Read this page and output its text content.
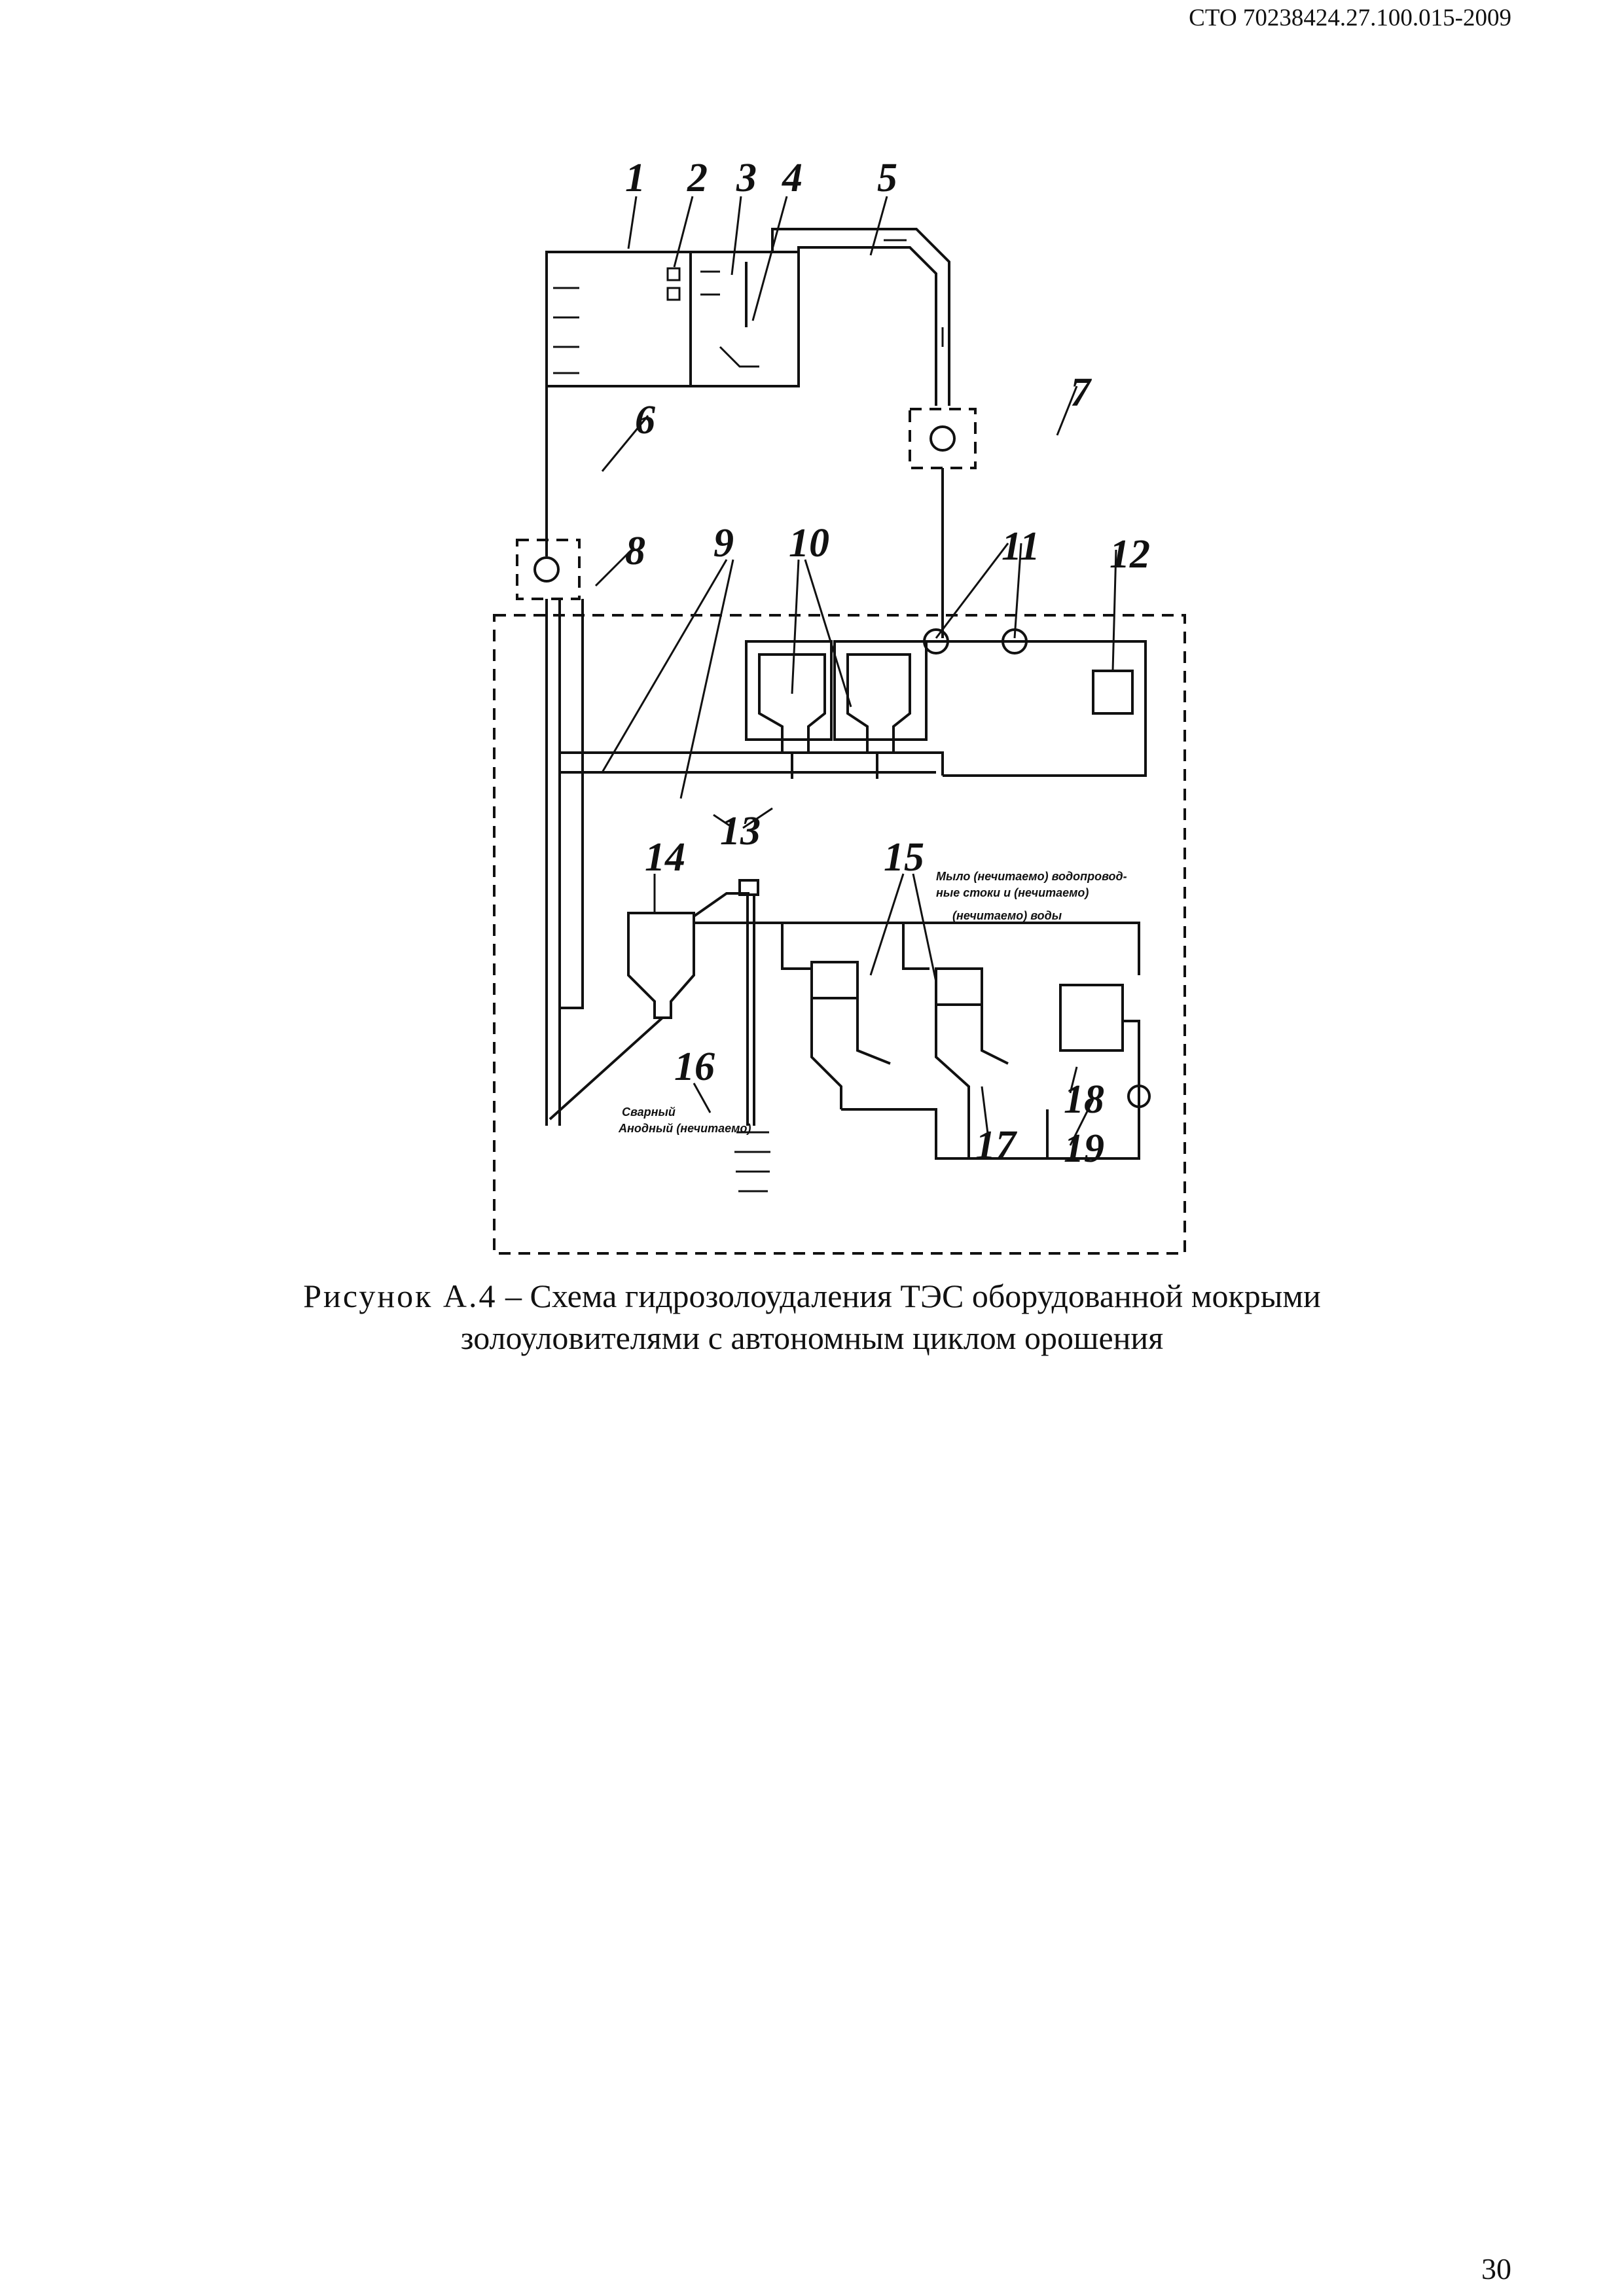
СТО 70238424.27.100.015-2009
1 2 3 4 5
6
7
8 9 10	11 12
13
14	15
16
17
18
19
Мыло (нечитаемо) водопровод-
ные стоки и (нечитаемо)
(нечитаемо) воды
Сварный
Анодный (нечитаемо)
Рисунок А.4 – Схема гидрозолоудаления ТЭС оборудованной мокрыми
золоуловителями с автономным циклом орошения
30
